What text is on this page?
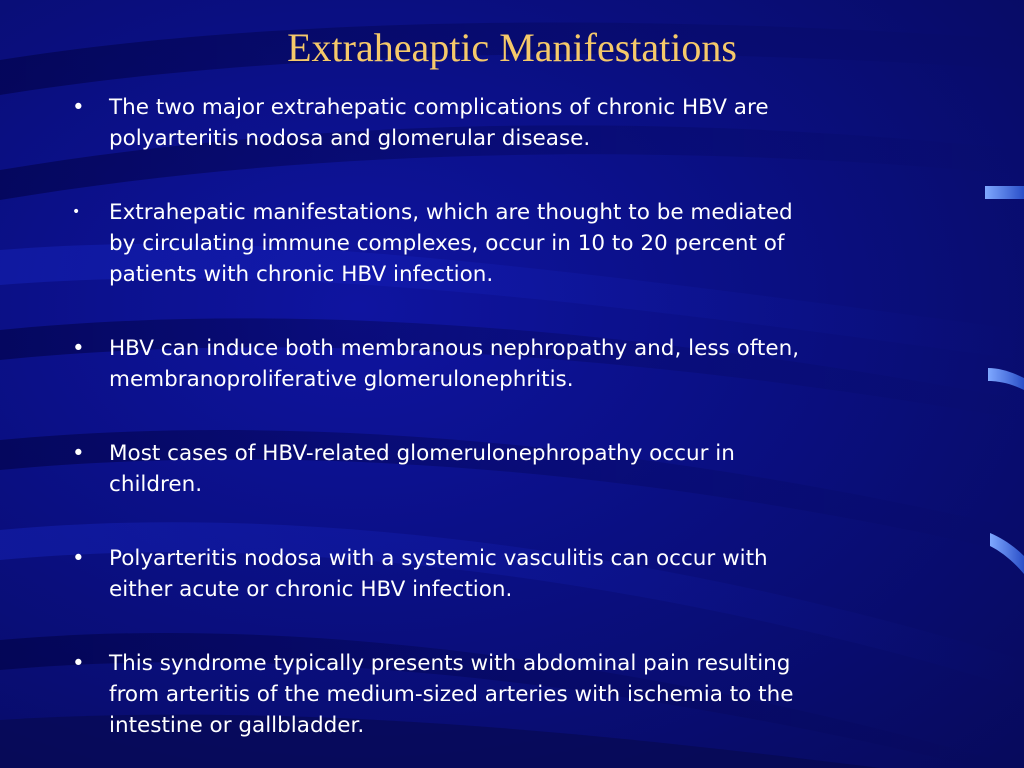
Extraheaptic Manifestations
• The two major extrahepatic complications of chronic HBV are
polyarteritis nodosa and glomerular disease.
• Extrahepatic manifestations, which are thought to be mediated
by circulating immune complexes, occur in 10 to 20 percent of
patients with chronic HBV infection.
• HBV can induce both membranous nephropathy and, less often,
membranoproliferative glomerulonephritis.
• Most cases of HBV-related glomerulonephropathy occur in
children.
• Polyarteritis nodosa with a systemic vasculitis can occur with
either acute or chronic HBV infection.
• This syndrome typically presents with abdominal pain resulting
from arteritis of the medium-sized arteries with ischemia to the
intestine or gallbladder.
